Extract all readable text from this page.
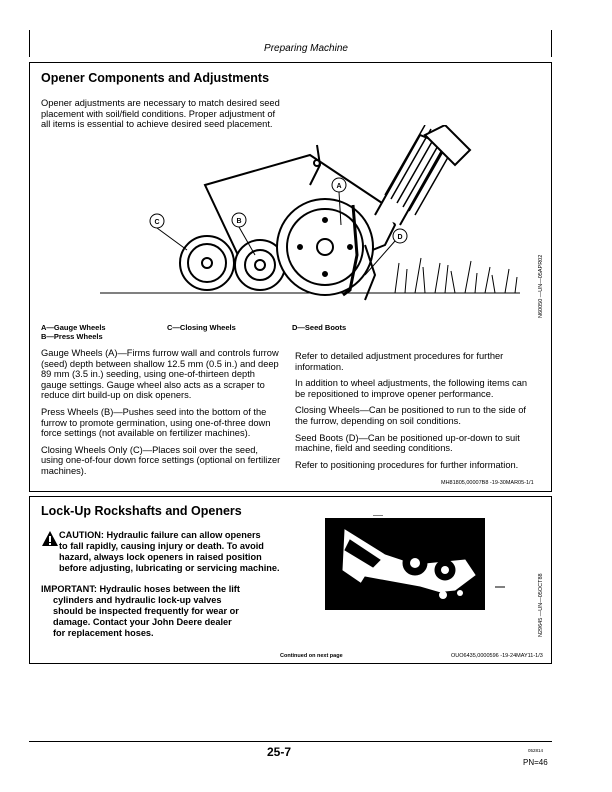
Preparing Machine
Opener Components and Adjustments
Opener adjustments are necessary to match desired seed
placement with soil/field conditions. Proper adjustment of
all items is essential to achieve desired seed placement.
A
B
C
D
N60050 —UN—05APR02
A—Gauge Wheels
B—Press Wheels
C—Closing Wheels	D—Seed Boots

Gauge Wheels (A)—Firms furrow wall and controls furrow
(seed) depth between shallow 12.5 mm (0.5 in.) and deep
89 mm (3.5 in.) seeding, using one-of-thirteen depth
gauge settings. Gauge wheel also acts as a scraper to
reduce dirt build-up on disk openers.

Press Wheels (B)—Pushes seed into the bottom of the
furrow to promote germination, using one-of-three down
force settings (not available on fertilizer machines).

Closing Wheels Only (C)—Places soil over the seed,
using one-of-four down force settings (optional on fertilizer
machines).

Refer to detailed adjustment procedures for further
information.

In addition to wheel adjustments, the following items can
be repositioned to improve opener performance.

Closing Wheels—Can be positioned to run to the side of
the furrow, depending on soil conditions.

Seed Boots (D)—Can be positioned up-or-down to suit
machine, field and seeding conditions.

Refer to positioning procedures for further information.

MH81805,00007B8 -19-30MAR05-1/1
Lock-Up Rockshafts and Openers
CAUTION: Hydraulic failure can allow openers
to fall rapidly, causing injury or death. To avoid
hazard, always lock openers in raised position
before adjusting, lubricating or servicing machine.
IMPORTANT: Hydraulic hoses between the lift
cylinders and hydraulic lock-up valves
should be inspected frequently for wear or
damage. Contact your John Deere dealer
for replacement hoses.	N29645 —UN—05OCT88
Continued on next page	OUO6435,0000596 -19-24MAY11-1/3
25-7	052814
PN=46
